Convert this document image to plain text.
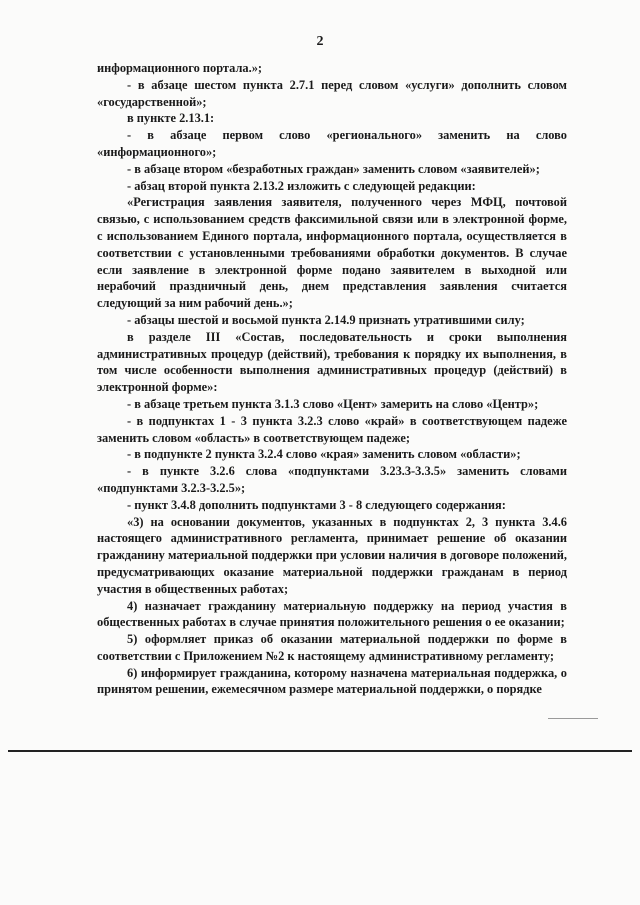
2

информационного портала.»;

- в абзаце шестом пункта 2.7.1 перед словом «услуги» дополнить словом «государственной»;

в пункте 2.13.1:

- в абзаце первом слово «регионального» заменить на слово «информационного»;

- в абзаце втором «безработных граждан» заменить словом «заявителей»;

- абзац второй пункта 2.13.2 изложить с следующей редакции:

«Регистрация заявления заявителя, полученного через МФЦ, почтовой связью, с использованием средств факсимильной связи или в электронной форме, с использованием Единого портала, информационного портала, осуществляется в соответствии с установленными требованиями обработки документов. В случае если заявление в электронной форме подано заявителем в выходной или нерабочий праздничный день, днем представления заявления считается следующий за ним рабочий день.»;

- абзацы шестой и восьмой пункта 2.14.9 признать утратившими силу;

в разделе III «Состав, последовательность и сроки выполнения административных процедур (действий), требования к порядку их выполнения, в том числе особенности выполнения административных процедур (действий) в электронной форме»:

- в абзаце третьем пункта 3.1.3 слово «Цент» замерить на слово «Центр»;

- в подпунктах 1 - 3 пункта 3.2.3 слово «край» в соответствующем падеже заменить словом «область» в соответствующем падеже;

- в подпункте 2 пункта 3.2.4 слово «края» заменить словом «области»;

- в пункте 3.2.6 слова «подпунктами 3.23.3-3.3.5» заменить словами «подпунктами 3.2.3-3.2.5»;

- пункт 3.4.8 дополнить подпунктами 3 - 8 следующего содержания:

«3) на основании документов, указанных в подпунктах 2, 3 пункта 3.4.6 настоящего административного регламента, принимает решение об оказании гражданину материальной поддержки при условии наличия в договоре положений, предусматривающих оказание материальной поддержки гражданам в период участия в общественных работах;

4) назначает гражданину материальную поддержку на период участия в общественных работах в случае принятия положительного решения о ее оказании;

5) оформляет приказ об оказании материальной поддержки по форме в соответствии с Приложением №2 к настоящему административному регламенту;

6) информирует гражданина, которому назначена материальная поддержка, о принятом решении, ежемесячном размере материальной поддержки, о порядке
